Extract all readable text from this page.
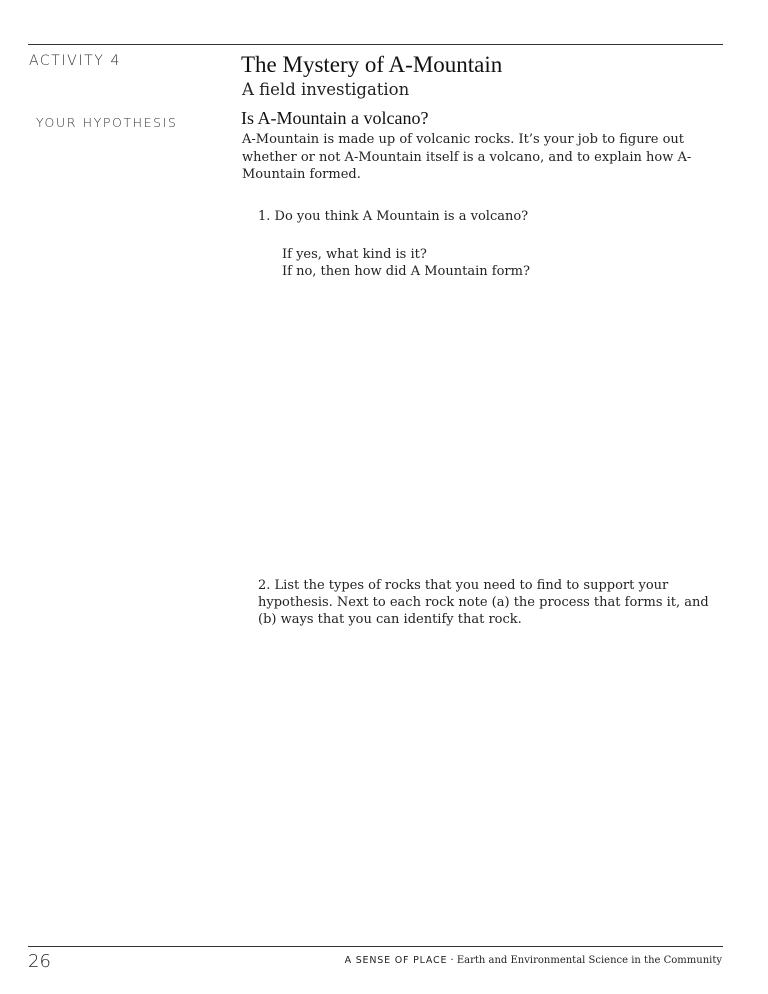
ACTIVITY 4	The Mystery of A-Mountain
A field investigation
YOUR HYPOTHESIS	Is A-Mountain a volcano?
A-Mountain is made up of volcanic rocks. It’s your job to figure out whether or not A-Mountain itself is a volcano, and to explain how A-Mountain formed.
1. Do you think A Mountain is a volcano?
If yes, what kind is it?
If no, then how did A Mountain form?
2. List the types of rocks that you need to find to support your hypothesis. Next to each rock note (a) the process that forms it, and (b) ways that you can identify that rock.
26	A SENSE OF PLACE · Earth and Environmental Science in the Community
